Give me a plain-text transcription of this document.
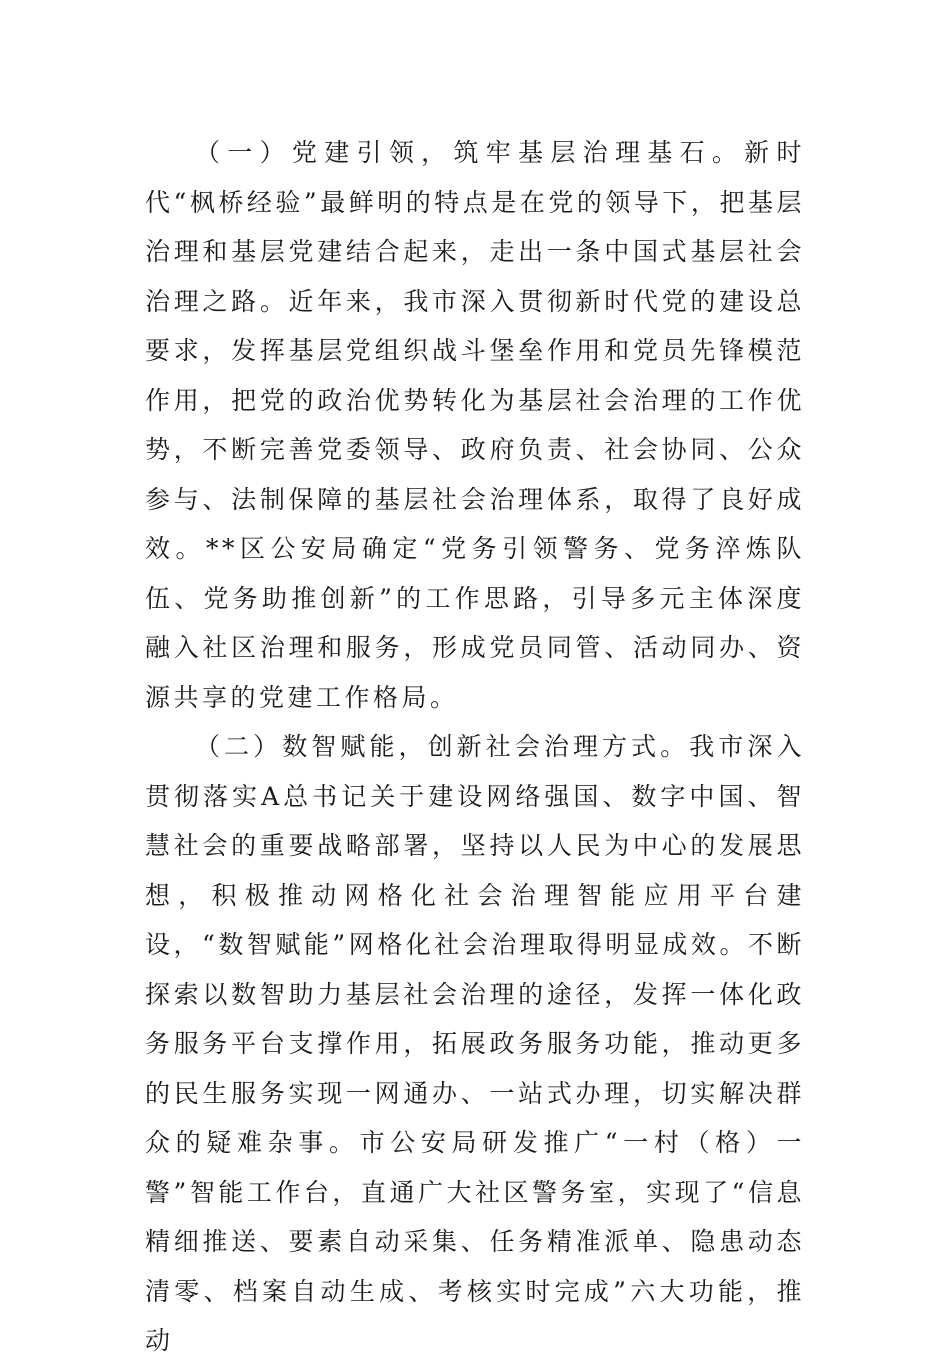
（一）党建引领，筑牢基层治理基石。新时代“枫桥经验”最鲜明的特点是在党的领导下，把基层治理和基层党建结合起来，走出一条中国式基层社会治理之路。近年来，我市深入贯彻新时代党的建设总要求，发挥基层党组织战斗堡垒作用和党员先锋模范作用，把党的政治优势转化为基层社会治理的工作优势，不断完善党委领导、政府负责、社会协同、公众参与、法制保障的基层社会治理体系，取得了良好成效。**区公安局确定“党务引领警务、党务淬炼队伍、党务助推创新”的工作思路，引导多元主体深度融入社区治理和服务，形成党员同管、活动同办、资源共享的党建工作格局。

（二）数智赋能，创新社会治理方式。我市深入贯彻落实A总书记关于建设网络强国、数字中国、智慧社会的重要战略部署，坚持以人民为中心的发展思想，积极推动网格化社会治理智能应用平台建设，“数智赋能”网格化社会治理取得明显成效。不断探索以数智助力基层社会治理的途径，发挥一体化政务服务平台支撑作用，拓展政务服务功能，推动更多的民生服务实现一网通办、一站式办理，切实解决群众的疑难杂事。市公安局研发推广“一村（格）一警”智能工作台，直通广大社区警务室，实现了“信息精细推送、要素自动采集、任务精准派单、隐患动态清零、档案自动生成、考核实时完成”六大功能，推动
